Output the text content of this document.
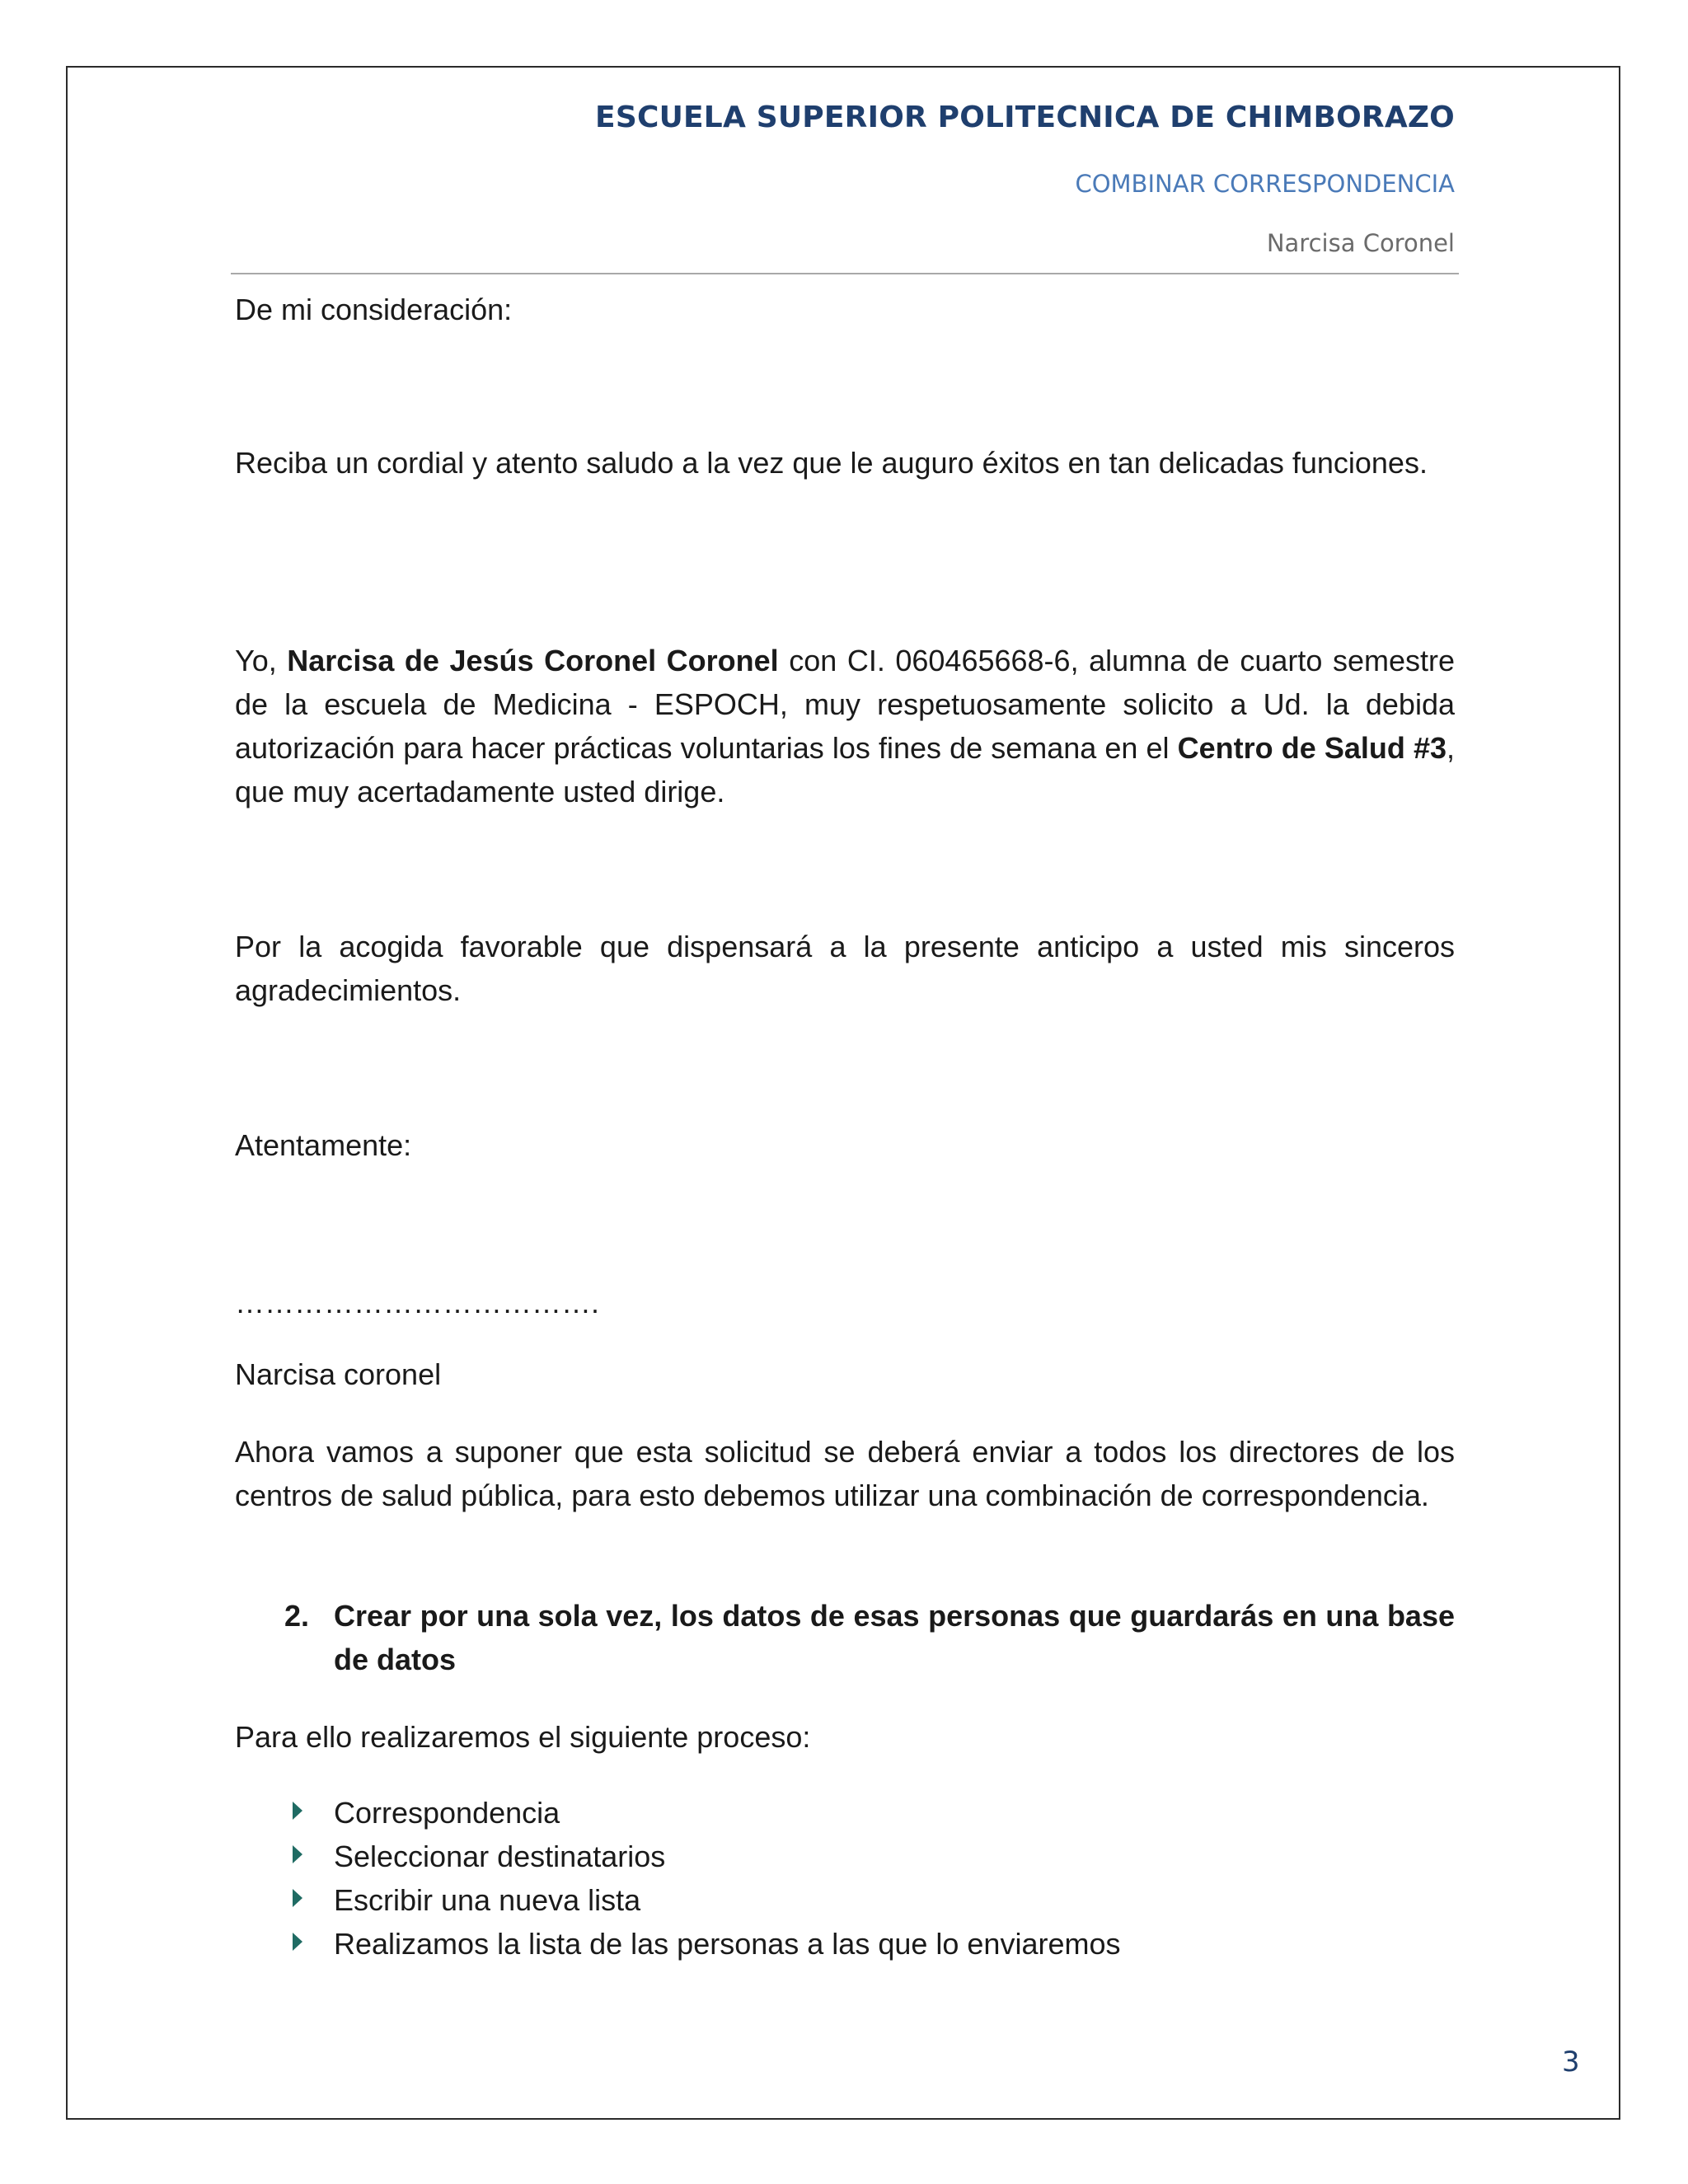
ESCUELA SUPERIOR POLITECNICA DE CHIMBORAZO
COMBINAR CORRESPONDENCIA
Narcisa Coronel

De mi consideración:

Reciba un cordial y atento saludo a la vez que le auguro éxitos en tan delicadas funciones.

Yo, Narcisa de Jesús Coronel Coronel con CI. 060465668-6, alumna de cuarto semestre de la escuela de Medicina - ESPOCH, muy respetuosamente solicito a Ud. la debida autorización para hacer prácticas voluntarias los fines de semana en el Centro de Salud #3, que muy acertadamente usted dirige.

Por la acogida favorable que dispensará a la presente anticipo a usted mis sinceros agradecimientos.

Atentamente:

……………………………….

Narcisa coronel

Ahora vamos a suponer que esta solicitud se deberá enviar a todos los directores de los centros de salud pública, para esto debemos utilizar una combinación de correspondencia.

2. Crear por una sola vez, los datos de esas personas que guardarás en una base de datos

Para ello realizaremos el siguiente proceso:

Correspondencia
Seleccionar destinatarios
Escribir una nueva lista
Realizamos la lista de las personas a las que lo enviaremos
3
